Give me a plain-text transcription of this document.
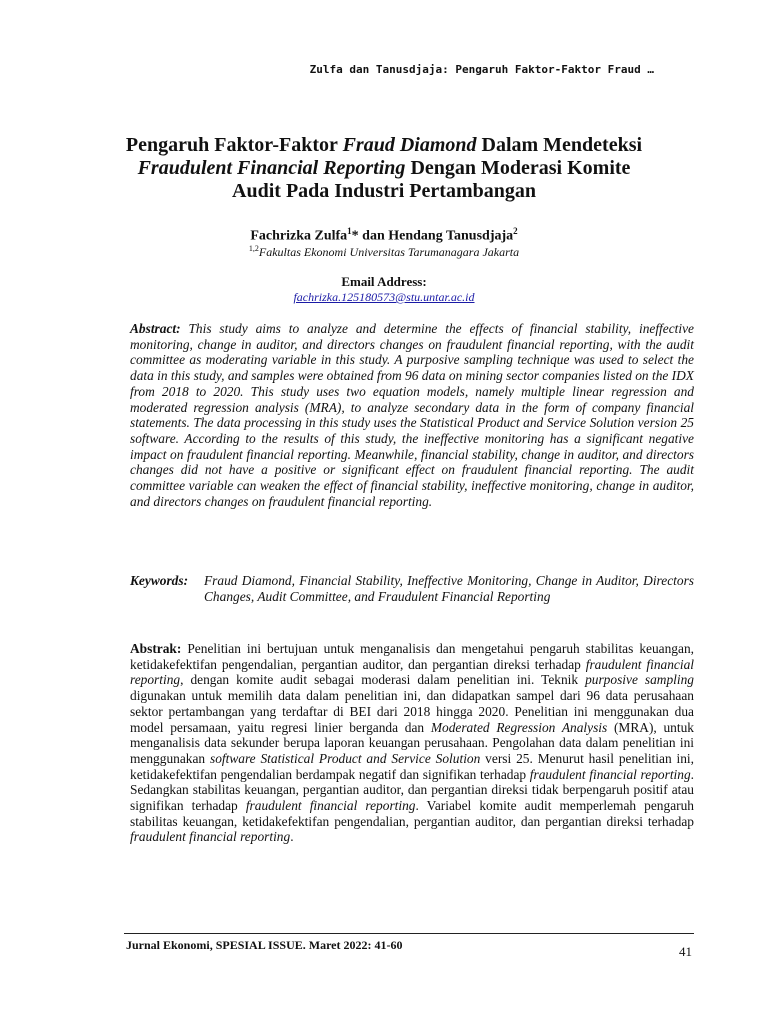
Zulfa dan Tanusdjaja: Pengaruh Faktor-Faktor Fraud …
Pengaruh Faktor-Faktor Fraud Diamond Dalam Mendeteksi
Fraudulent Financial Reporting Dengan Moderasi Komite
Audit Pada Industri Pertambangan
Fachrizka Zulfa$^1$* dan Hendang Tanusdjaja$^2$
$^{1,2}$Fakultas Ekonomi Universitas Tarumanagara Jakarta
Email Address:
fachrizka.125180573@stu.untar.ac.id
Abstract: This study aims to analyze and determine the effects of financial stability, ineffective monitoring, change in auditor, and directors changes on fraudulent financial reporting, with the audit committee as moderating variable in this study. A purposive sampling technique was used to select the data in this study, and samples were obtained from 96 data on mining sector companies listed on the IDX from 2018 to 2020. This study uses two equation models, namely multiple linear regression and moderated regression analysis (MRA), to analyze secondary data in the form of company financial statements. The data processing in this study uses the Statistical Product and Service Solution version 25 software. According to the results of this study, the ineffective monitoring has a significant negative impact on fraudulent financial reporting. Meanwhile, financial stability, change in auditor, and directors changes did not have a positive or significant effect on fraudulent financial reporting. The audit committee variable can weaken the effect of financial stability, ineffective monitoring, change in auditor, and directors changes on fraudulent financial reporting.
Keywords: Fraud Diamond, Financial Stability, Ineffective Monitoring, Change in Auditor, Directors Changes, Audit Committee, and Fraudulent Financial Reporting
Abstrak: Penelitian ini bertujuan untuk menganalisis dan mengetahui pengaruh stabilitas keuangan, ketidakefektifan pengendalian, pergantian auditor, dan pergantian direksi terhadap fraudulent financial reporting, dengan komite audit sebagai moderasi dalam penelitian ini. Teknik purposive sampling digunakan untuk memilih data dalam penelitian ini, dan didapatkan sampel dari 96 data perusahaan sektor pertambangan yang terdaftar di BEI dari 2018 hingga 2020. Penelitian ini menggunakan dua model persamaan, yaitu regresi linier berganda dan Moderated Regression Analysis (MRA), untuk menganalisis data sekunder berupa laporan keuangan perusahaan. Pengolahan data dalam penelitian ini menggunakan software Statistical Product and Service Solution versi 25. Menurut hasil penelitian ini, ketidakefektifan pengendalian berdampak negatif dan signifikan terhadap fraudulent financial reporting. Sedangkan stabilitas keuangan, pergantian auditor, dan pergantian direksi tidak berpengaruh positif atau signifikan terhadap fraudulent financial reporting. Variabel komite audit memperlemah pengaruh stabilitas keuangan, ketidakefektifan pengendalian, pergantian auditor, dan pergantian direksi terhadap fraudulent financial reporting.
Jurnal Ekonomi, SPESIAL ISSUE. Maret 2022: 41-60	41
